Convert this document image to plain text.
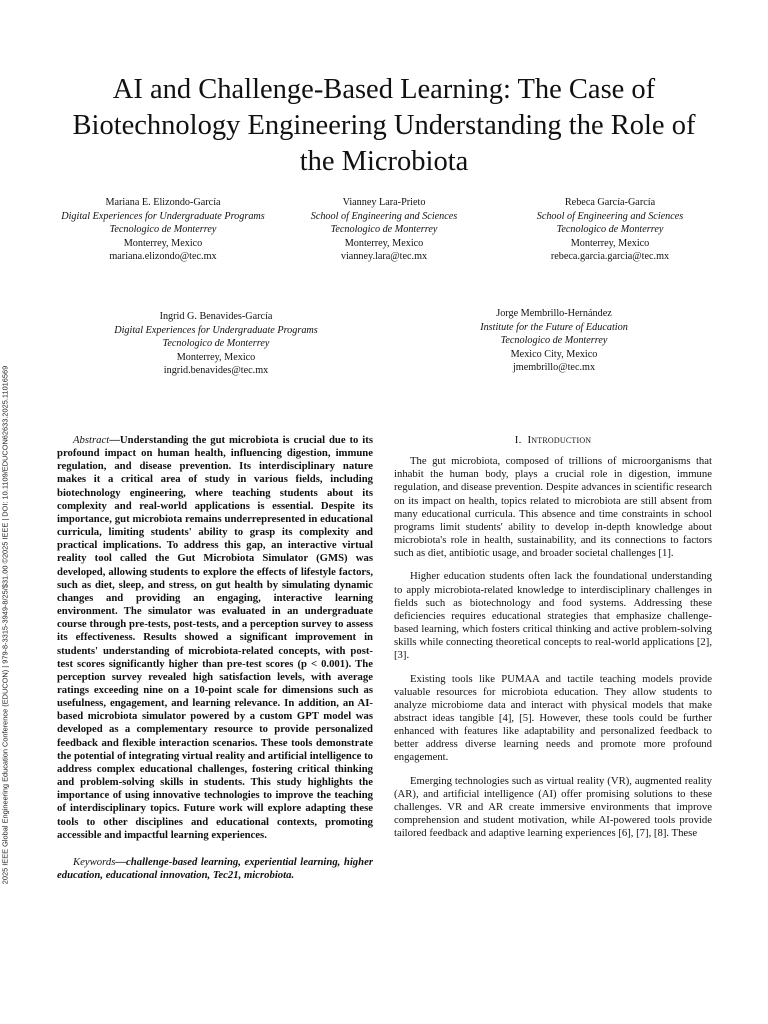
2025 IEEE Global Engineering Education Conference (EDUCON) | 979-8-3315-3949-8/25/$31.00 ©2025 IEEE | DOI: 10.1109/EDUCON62633.2025.11016569
AI and Challenge-Based Learning: The Case of Biotechnology Engineering Understanding the Role of the Microbiota
Mariana E. Elizondo-García
Digital Experiences for Undergraduate Programs
Tecnologico de Monterrey
Monterrey, Mexico
mariana.elizondo@tec.mx
Vianney Lara-Prieto
School of Engineering and Sciences
Tecnologico de Monterrey
Monterrey, Mexico
vianney.lara@tec.mx
Rebeca García-García
School of Engineering and Sciences
Tecnologico de Monterrey
Monterrey, Mexico
rebeca.garcia.garcia@tec.mx
Ingrid G. Benavides-García
Digital Experiences for Undergraduate Programs
Tecnologico de Monterrey
Monterrey, Mexico
ingrid.benavides@tec.mx
Jorge Membrillo-Hernández
Institute for the Future of Education
Tecnologico de Monterrey
Mexico City, Mexico
jmembrillo@tec.mx

Abstract—Understanding the gut microbiota is crucial due to its profound impact on human health, influencing digestion, immune regulation, and disease prevention. Its interdisciplinary nature makes it a critical area of study in various fields, including biotechnology engineering, where teaching students about its complexity and real-world applications is essential. Despite its importance, gut microbiota remains underrepresented in educational curricula, limiting students' ability to grasp its complexity and practical implications. To address this gap, an interactive virtual reality tool called the Gut Microbiota Simulator (GMS) was developed, allowing students to explore the effects of lifestyle factors, such as diet, sleep, and stress, on gut health by simulating dynamic changes and providing an engaging, interactive learning environment. The simulator was evaluated in an undergraduate course through pre-tests, post-tests, and a perception survey to assess its effectiveness. Results showed a significant improvement in students' understanding of microbiota-related concepts, with post-test scores significantly higher than pre-test scores (p < 0.001). The perception survey revealed high satisfaction levels, with average ratings exceeding nine on a 10-point scale for dimensions such as usefulness, engagement, and learning relevance. In addition, an AI-based microbiota simulator powered by a custom GPT model was developed as a complementary resource to provide personalized feedback and flexible interaction scenarios. These tools demonstrate the potential of integrating virtual reality and artificial intelligence to address complex educational challenges, fostering critical thinking and problem-solving skills in students. This study highlights the importance of using innovative technologies to improve the teaching of interdisciplinary topics. Future work will explore adapting these tools to other disciplines and educational contexts, promoting accessible and impactful learning experiences.

Keywords—challenge-based learning, experiential learning, higher education, educational innovation, Tec21, microbiota.

I. Introduction

The gut microbiota, composed of trillions of microorganisms that inhabit the human body, plays a crucial role in digestion, immune regulation, and disease prevention. Despite advances in scientific research on its impact on health, topics related to microbiota are still absent from many educational curricula. This absence and time constraints in school programs limit students' ability to develop in-depth knowledge about microbiota's role in health, sustainability, and its connections to factors such as diet, antibiotic usage, and broader societal challenges [1].

Higher education students often lack the foundational understanding to apply microbiota-related knowledge to interdisciplinary challenges in fields such as biotechnology and food systems. Addressing these deficiencies requires educational strategies that emphasize challenge-based learning, which fosters critical thinking and active problem-solving skills while connecting theoretical concepts to real-world applications [2], [3].

Existing tools like PUMAA and tactile teaching models provide valuable resources for microbiota education. They allow students to analyze microbiome data and interact with physical models that make abstract ideas tangible [4], [5]. However, these tools could be further enhanced with features like adaptability and personalized feedback to better address diverse learning needs and promote more profound engagement.

Emerging technologies such as virtual reality (VR), augmented reality (AR), and artificial intelligence (AI) offer promising solutions to these challenges. VR and AR create immersive environments that improve comprehension and student motivation, while AI-powered tools provide tailored feedback and adaptive learning experiences [6], [7], [8]. These
